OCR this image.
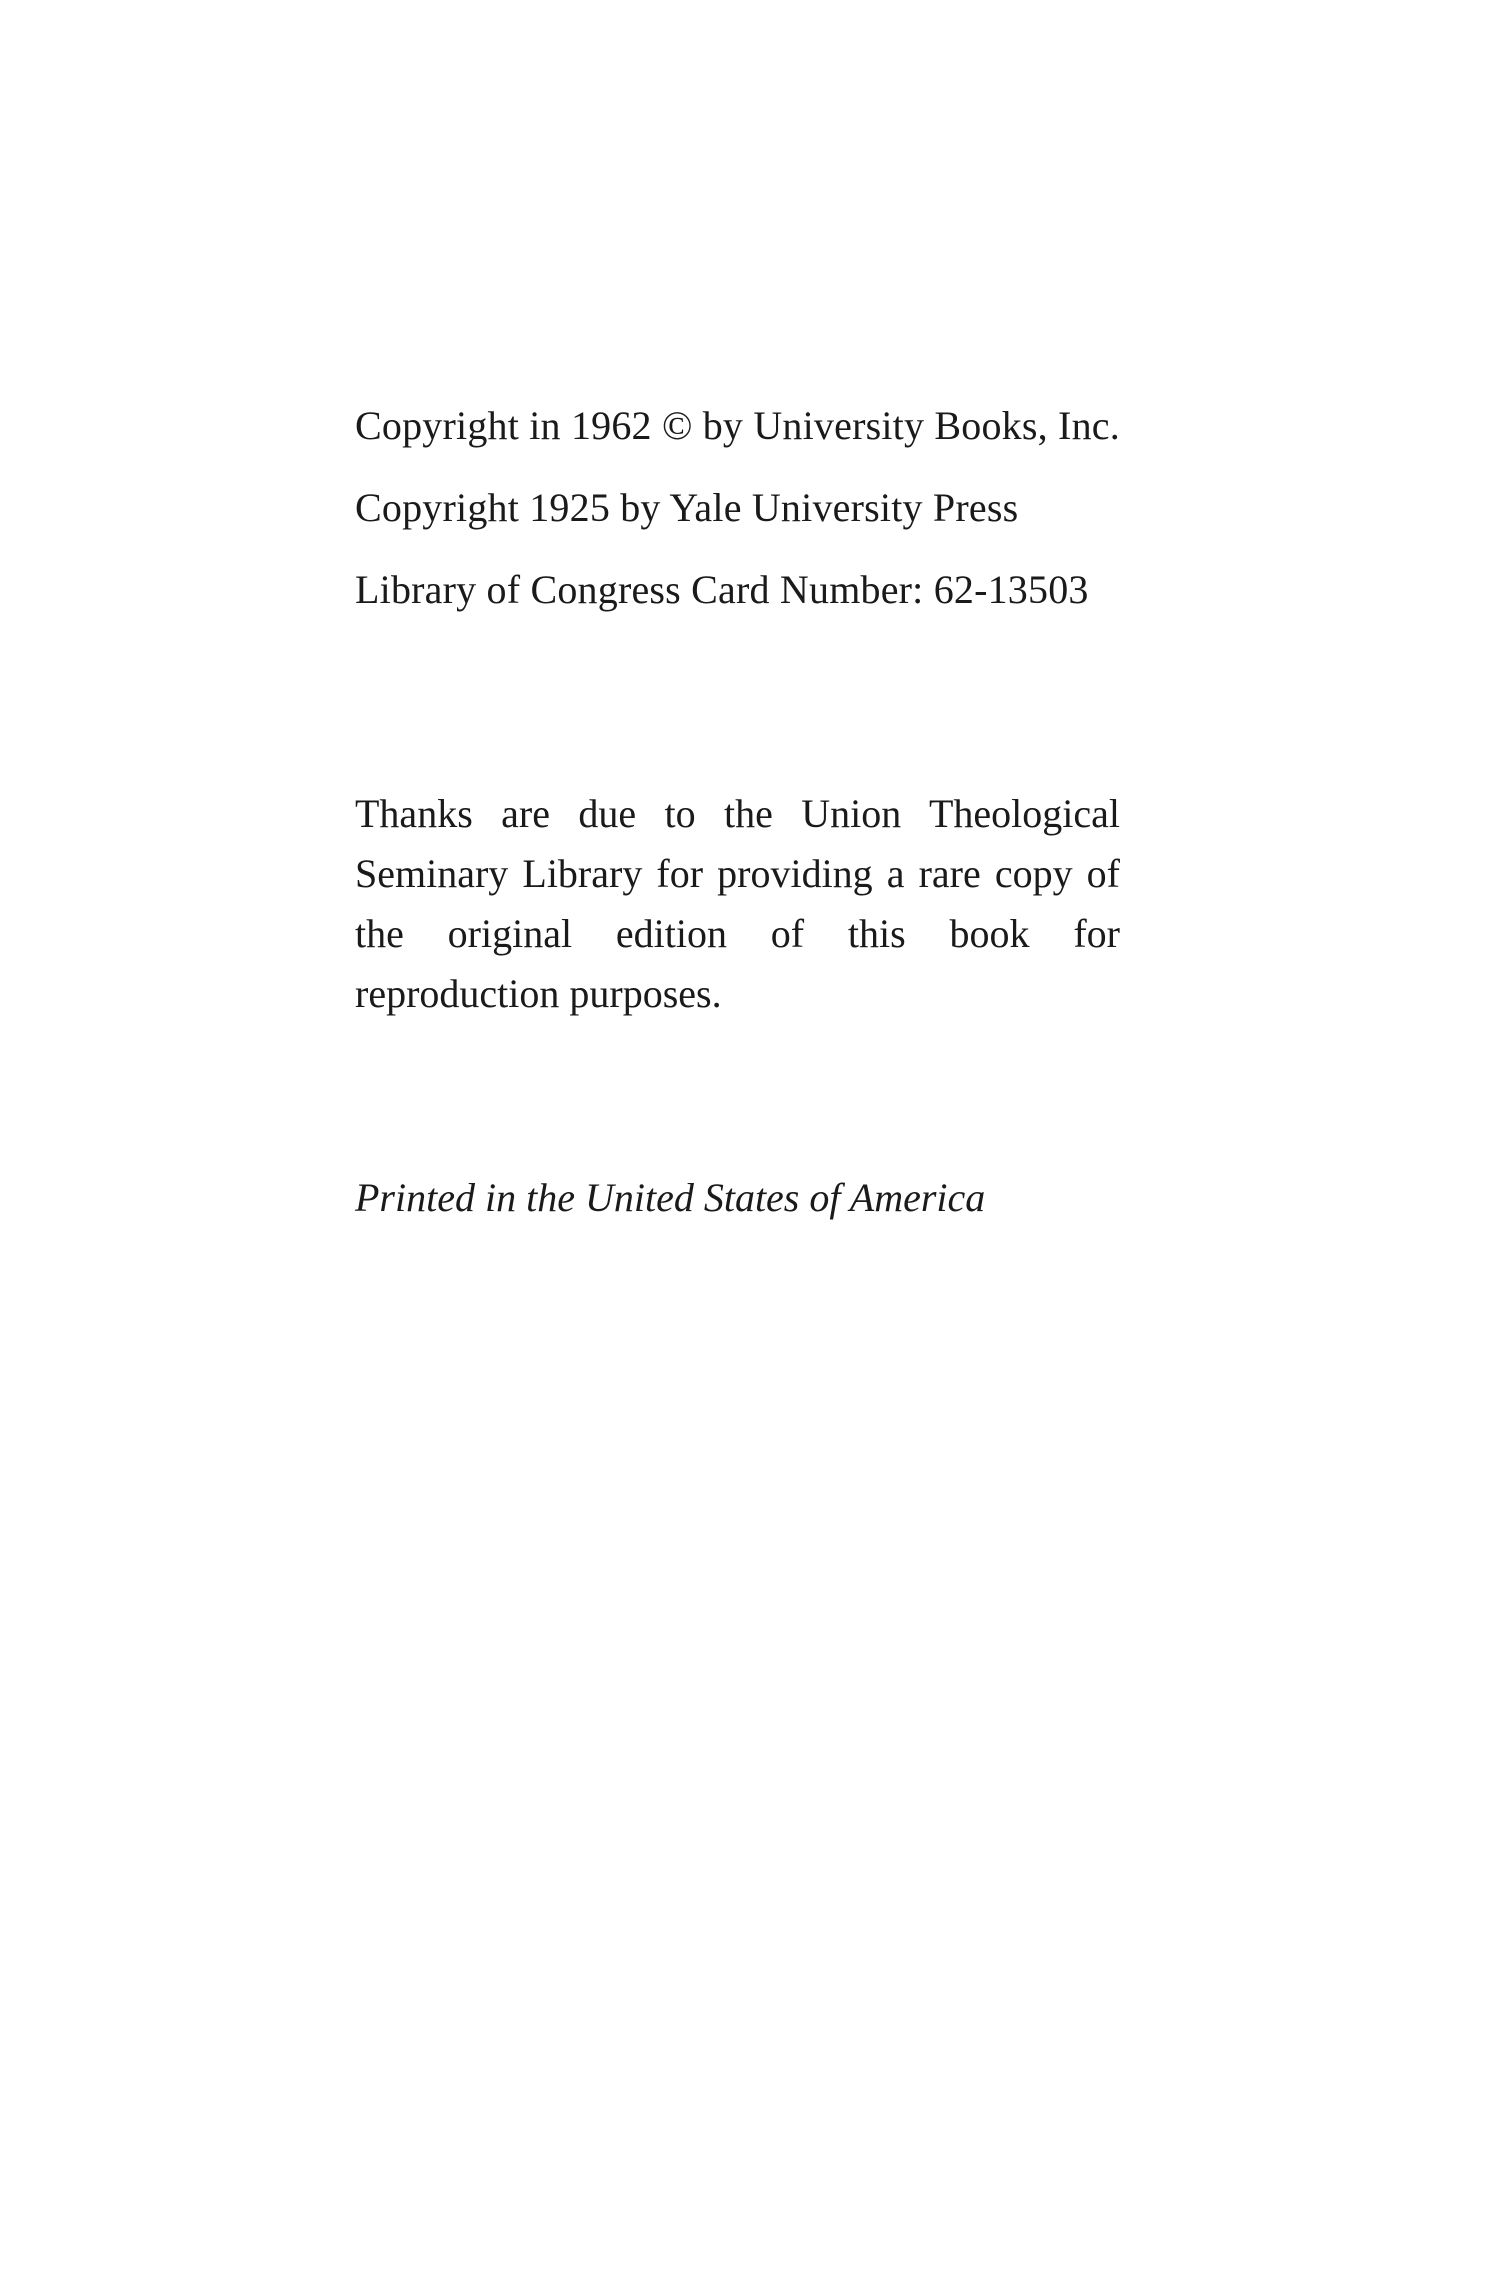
Copyright in 1962 © by University Books, Inc.
Copyright 1925 by Yale University Press
Library of Congress Card Number: 62-13503
Thanks are due to the Union Theological Seminary Library for providing a rare copy of the original edition of this book for reproduction purposes.
Printed in the United States of America
